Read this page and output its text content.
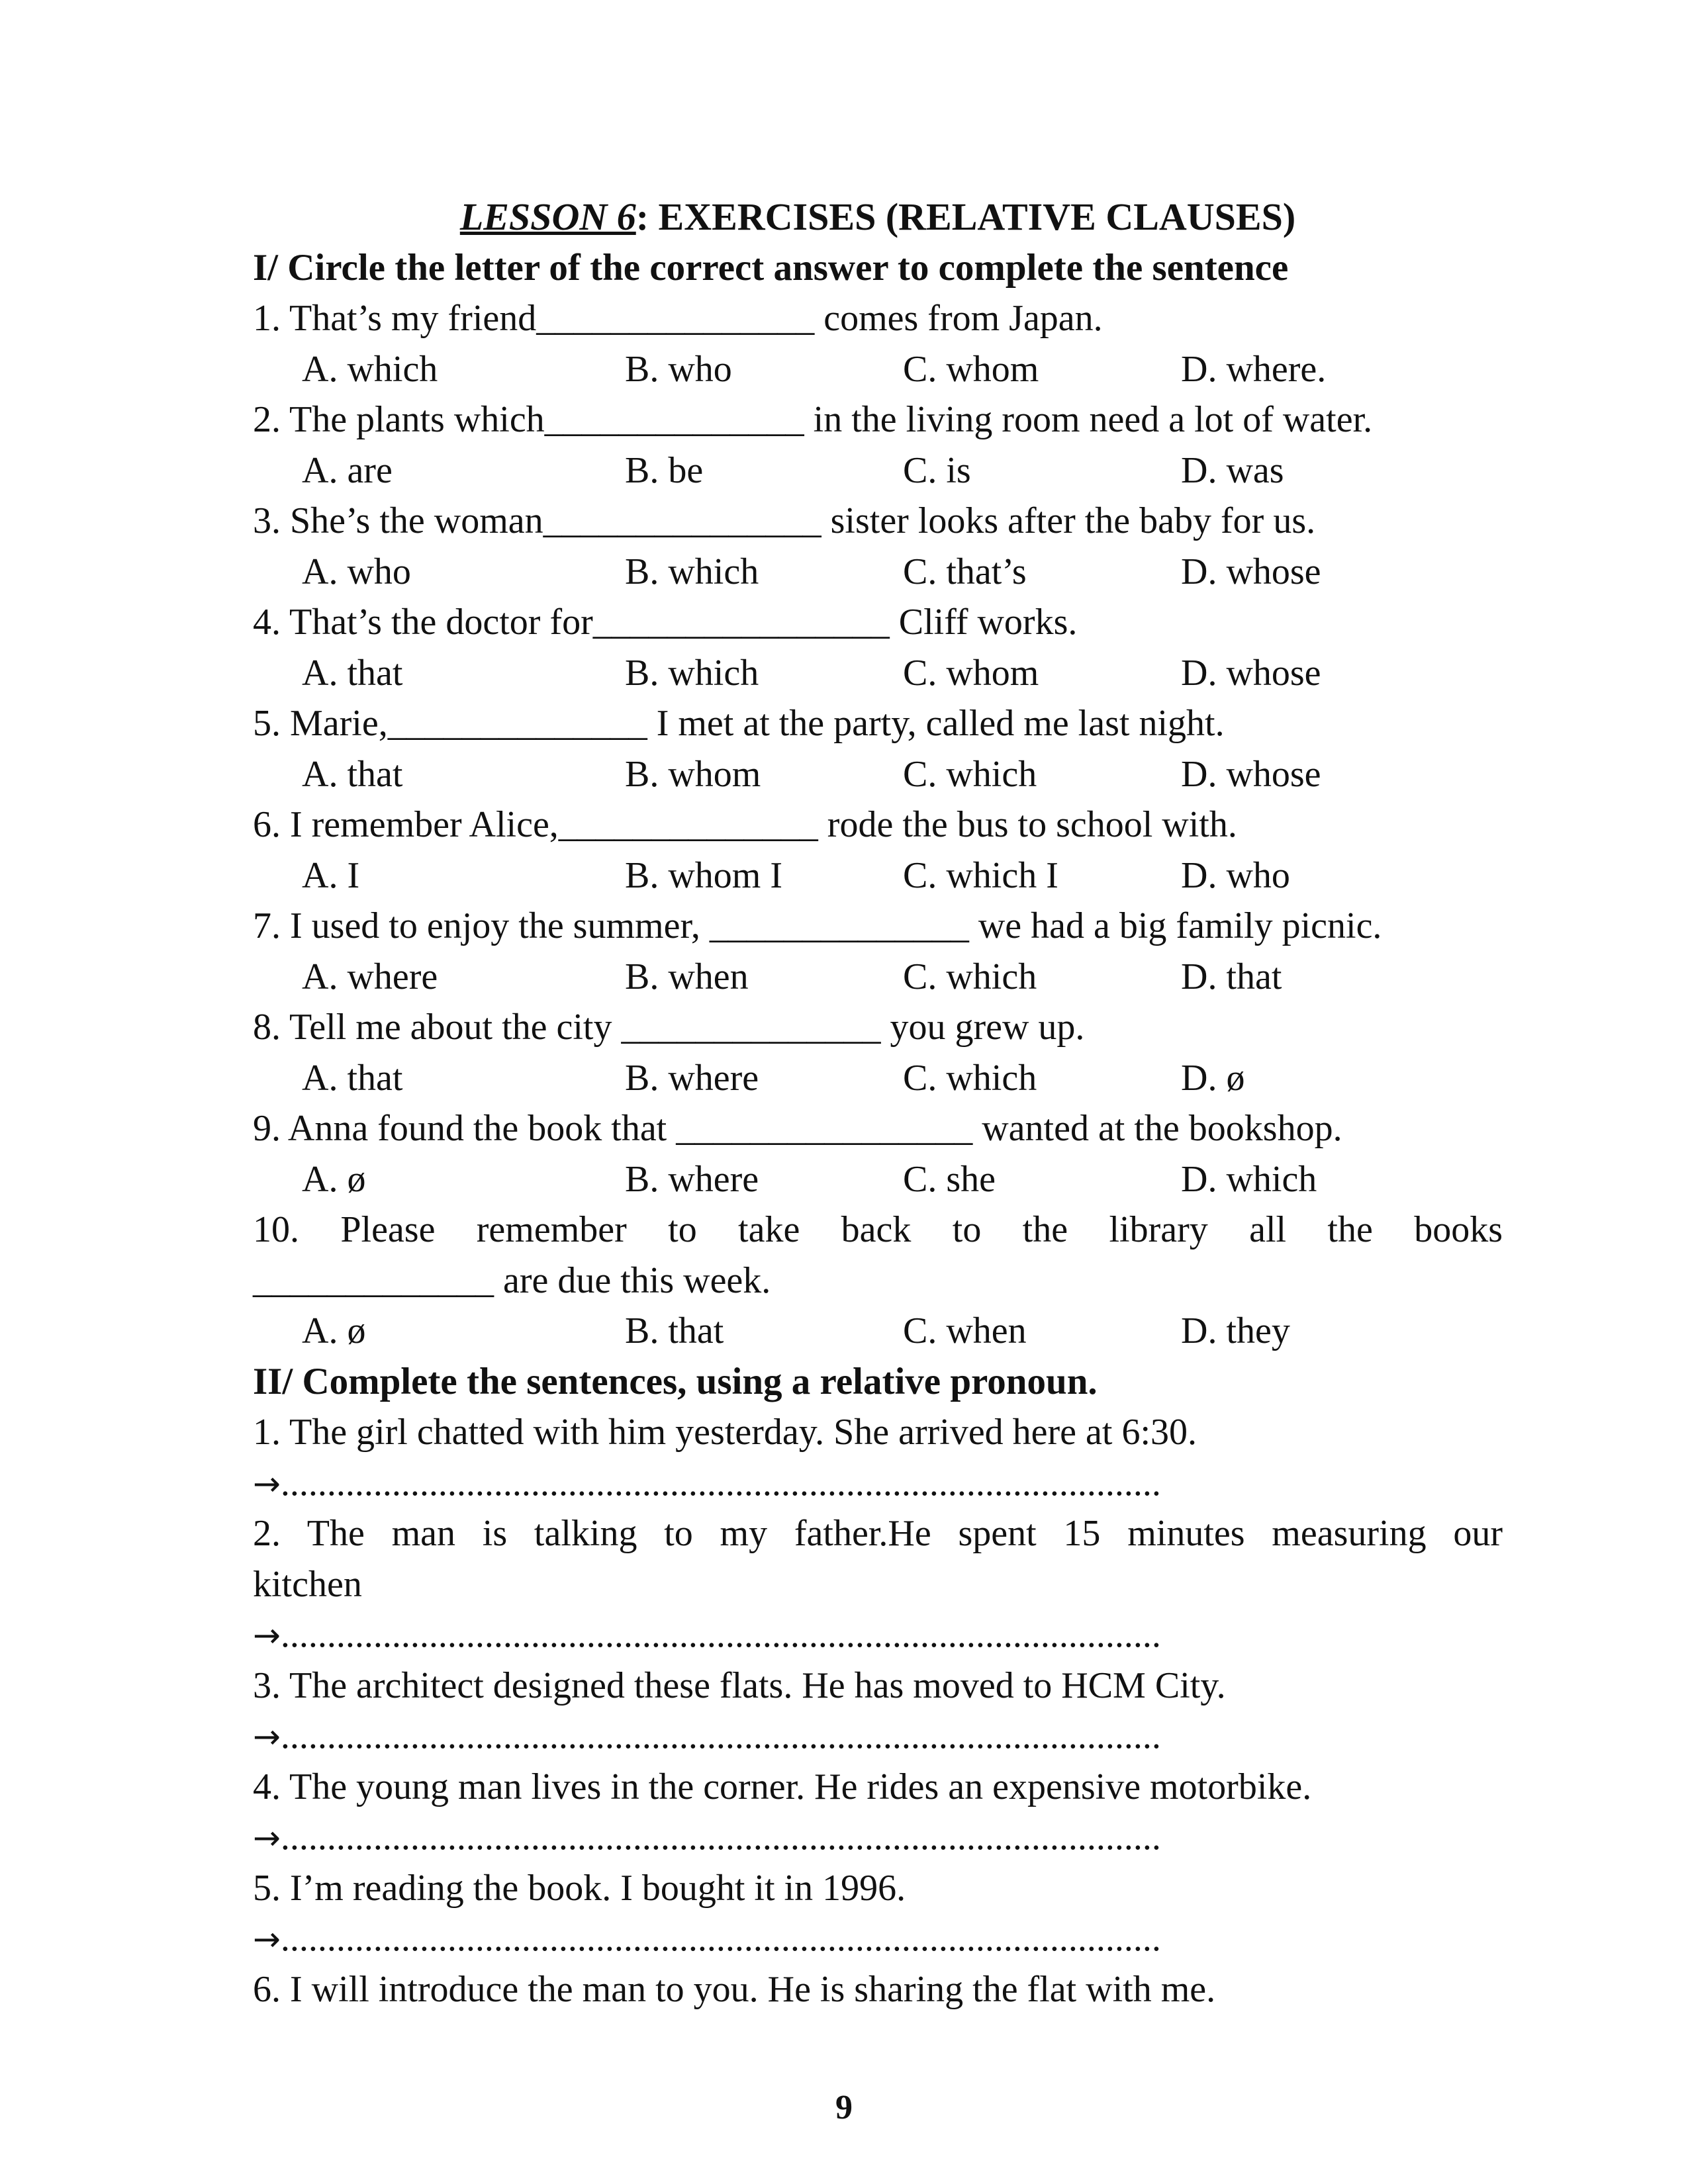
LESSON 6: EXERCISES (RELATIVE CLAUSES)
I/ Circle the letter of the correct answer to complete the sentence
1. That’s my friend_______________ comes from Japan.
A. which	B. who	C. whom	D. where.
2. The plants which______________ in the living room need a lot of water.
A. are	B. be	C. is	D. was
3. She’s the woman_______________ sister looks after the baby for us.
A. who	B. which	C. that’s	D. whose
4. That’s the doctor for________________ Cliff works.
A. that	B. which	C. whom	D. whose
5. Marie,______________ I met at the party, called me last night.
A. that	B. whom	C. which	D. whose
6. I remember Alice,______________ rode the bus to school with.
A. I	B. whom I	C. which I	D. who
7. I used to enjoy the summer, ______________ we had a big family picnic.
A. where	B. when	C. which	D. that
8. Tell me about the city ______________ you grew up.
A. that	B. where	C. which	D. ø
9. Anna found the book that ________________ wanted at the bookshop.
A. ø	B. where	C. she	D. which
10. Please remember to take back to the library all the books
_____________ are due this week.
A. ø	B. that	C. when	D. they
II/ Complete the sentences, using a relative pronoun.
1. The girl chatted with him yesterday. She arrived here at 6:30.
→...............................................................................................
2. The man is talking to my father.He spent 15 minutes measuring our
kitchen
→...............................................................................................
3. The architect designed these flats. He has moved to HCM City.
→...............................................................................................
4. The young man lives in the corner. He rides an expensive motorbike.
→...............................................................................................
5. I’m reading the book. I bought it in 1996.
→...............................................................................................
6. I will introduce the man to you. He is sharing the flat with me.
9
